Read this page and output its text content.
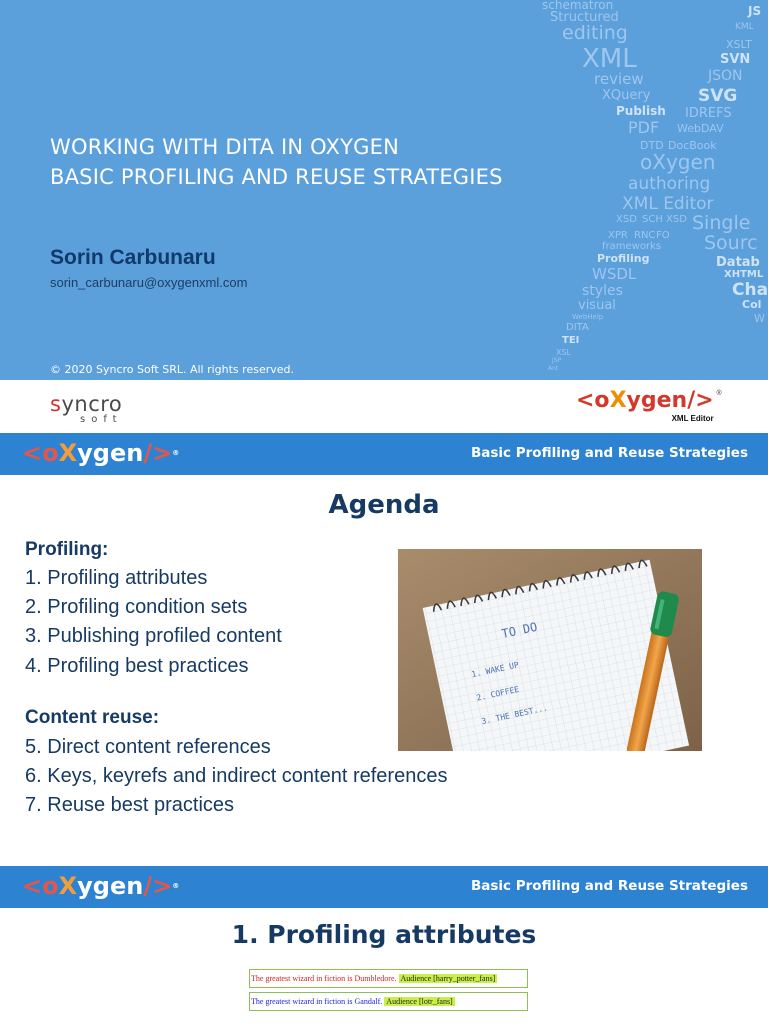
schematron	JS
Structured
KML
editing
XML	XSLT
SVN
review	JSON
XQuery	SVG
Publish IDREFS
PDF WebDAV
DTD DocBook
oXygen
authoring
XML Editor
XSD SCH XSD Single
XPR RNC FO Sourc
frameworks
Profiling	Datab
WSDL	XHTML
styles	Cha
visual	Col
WebHelp	W
DITA
TEI
XSL
JSP
Ant
WORKING WITH DITA IN OXYGEN
BASIC PROFILING AND REUSE STRATEGIES
Sorin Carbunaru
sorin_carbunaru@oxygenxml.com
© 2020 Syncro Soft SRL. All rights reserved.
syncro
soft
<oXygen/> ®
XML Editor
<oXygen/>®	Basic Profiling and Reuse Strategies
Agenda
Profiling:
1. Profiling attributes
2. Profiling condition sets
3. Publishing profiled content
4. Profiling best practices
Content reuse:
5. Direct content references
6. Keys, keyrefs and indirect content references
7. Reuse best practices
TO DO
1. WAKE UP
2. COFFEE
3. THE BEST...
<oXygen/>®	Basic Profiling and Reuse Strategies
1. Profiling attributes
The greatest wizard in fiction is Dumbledore. Audience [harry_potter_fans]
The greatest wizard in fiction is Gandalf. Audience [lotr_fans]
